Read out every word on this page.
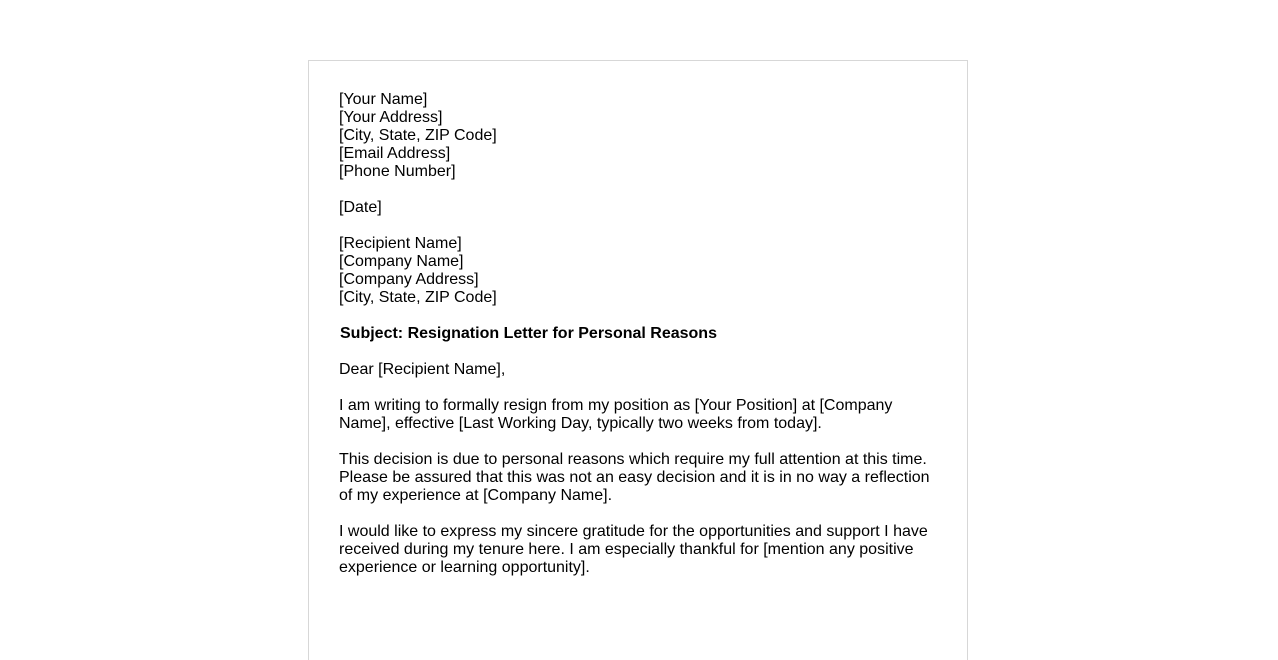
[Your Name]
[Your Address]
[City, State, ZIP Code]
[Email Address]
[Phone Number]
[Date]
[Recipient Name]
[Company Name]
[Company Address]
[City, State, ZIP Code]
Subject: Resignation Letter for Personal Reasons
Dear [Recipient Name],

I am writing to formally resign from my position as [Your Position] at [Company Name], effective [Last Working Day, typically two weeks from today].

This decision is due to personal reasons which require my full attention at this time. Please be assured that this was not an easy decision and it is in no way a reflection of my experience at [Company Name].

I would like to express my sincere gratitude for the opportunities and support I have received during my tenure here. I am especially thankful for [mention any positive experience or learning opportunity].
